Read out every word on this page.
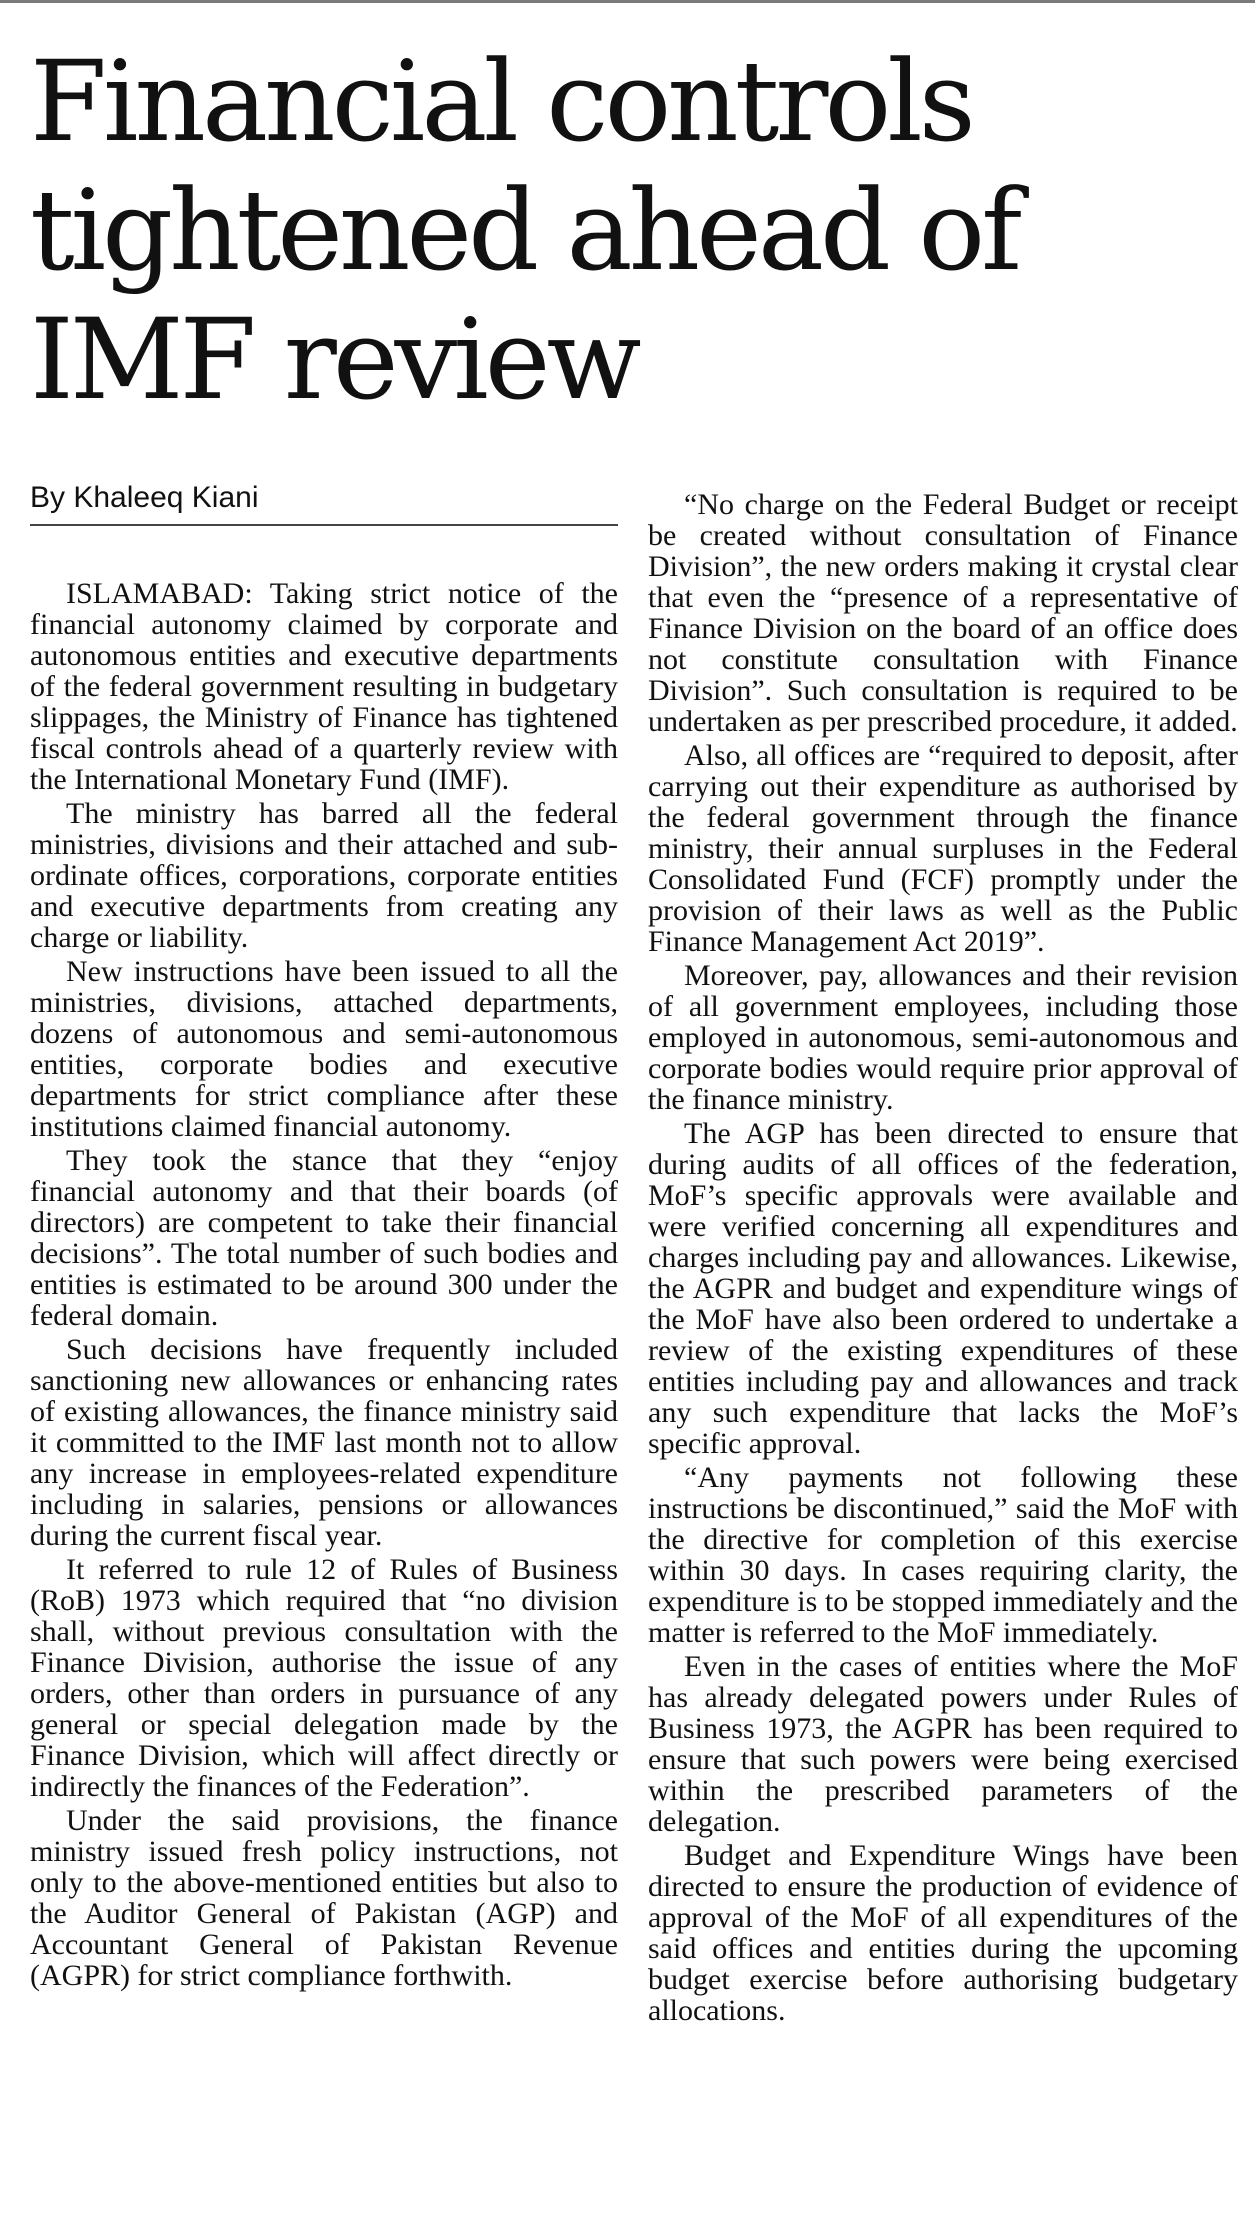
Financial controls tightened ahead of IMF review
By Khaleeq Kiani

ISLAMABAD: Taking strict notice of the financial autonomy claimed by corporate and autonomous entities and executive departments of the federal government resulting in budgetary slippages, the Ministry of Finance has tightened fiscal controls ahead of a quarterly review with the International Monetary Fund (IMF).

The ministry has barred all the federal ministries, divisions and their attached and sub-ordinate offices, corporations, corporate entities and executive departments from creating any charge or liability.

New instructions have been issued to all the ministries, divisions, attached departments, dozens of autonomous and semi-autonomous entities, corporate bodies and executive departments for strict compliance after these institutions claimed financial autonomy.

They took the stance that they “enjoy financial autonomy and that their boards (of directors) are competent to take their financial decisions”. The total number of such bodies and entities is estimated to be around 300 under the federal domain.

Such decisions have frequently included sanctioning new allowances or enhancing rates of existing allowances, the finance ministry said it committed to the IMF last month not to allow any increase in employees-related expenditure including in salaries, pensions or allowances during the current fiscal year.

It referred to rule 12 of Rules of Business (RoB) 1973 which required that “no division shall, without previous consultation with the Finance Division, authorise the issue of any orders, other than orders in pursuance of any general or special delegation made by the Finance Division, which will affect directly or indirectly the finances of the Federation”.

Under the said provisions, the finance ministry issued fresh policy instructions, not only to the above-mentioned entities but also to the Auditor General of Pakistan (AGP) and Accountant General of Pakistan Revenue (AGPR) for strict compliance forthwith.

“No charge on the Federal Budget or receipt be created without consultation of Finance Division”, the new orders making it crystal clear that even the “presence of a representative of Finance Division on the board of an office does not constitute consultation with Finance Division”. Such consultation is required to be undertaken as per prescribed procedure, it added.

Also, all offices are “required to deposit, after carrying out their expenditure as authorised by the federal government through the finance ministry, their annual surpluses in the Federal Consolidated Fund (FCF) promptly under the provision of their laws as well as the Public Finance Management Act 2019”.

Moreover, pay, allowances and their revision of all government employees, including those employed in autonomous, semi-autonomous and corporate bodies would require prior approval of the finance ministry.

The AGP has been directed to ensure that during audits of all offices of the federation, MoF’s specific approvals were available and were verified concerning all expenditures and charges including pay and allowances. Likewise, the AGPR and budget and expenditure wings of the MoF have also been ordered to undertake a review of the existing expenditures of these entities including pay and allowances and track any such expenditure that lacks the MoF’s specific approval.

“Any payments not following these instructions be discontinued,” said the MoF with the directive for completion of this exercise within 30 days. In cases requiring clarity, the expenditure is to be stopped immediately and the matter is referred to the MoF immediately.

Even in the cases of entities where the MoF has already delegated powers under Rules of Business 1973, the AGPR has been required to ensure that such powers were being exercised within the prescribed parameters of the delegation.

Budget and Expenditure Wings have been directed to ensure the production of evidence of approval of the MoF of all expenditures of the said offices and entities during the upcoming budget exercise before authorising budgetary allocations.
